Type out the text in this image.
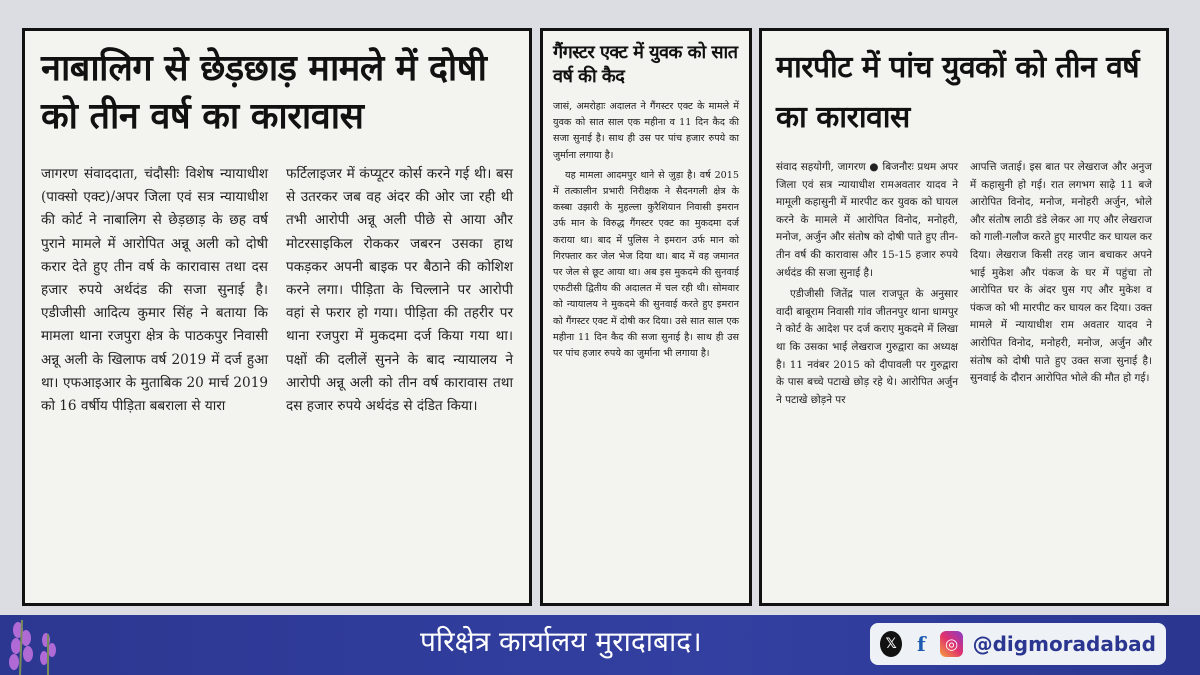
नाबालिग से छेड़छाड़ मामले में दोषी को तीन वर्ष का कारावास

जागरण संवाददाता, चंदौसीः विशेष न्यायाधीश (पाक्सो एक्ट)/अपर जिला एवं सत्र न्यायाधीश की कोर्ट ने नाबालिग से छेड़छाड़ के छह वर्ष पुराने मामले में आरोपित अन्नू अली को दोषी करार देते हुए तीन वर्ष के कारावास तथा दस हजार रुपये अर्थदंड की सजा सुनाई है। एडीजीसी आदित्य कुमार सिंह ने बताया कि मामला थाना रजपुरा क्षेत्र के पाठकपुर निवासी अन्नू अली के खिलाफ वर्ष 2019 में दर्ज हुआ था। एफआइआर के मुताबिक 20 मार्च 2019 को 16 वर्षीय पीड़िता बबराला से यारा

फर्टिलाइजर में कंप्यूटर कोर्स करने गई थी। बस से उतरकर जब वह अंदर की ओर जा रही थी तभी आरोपी अन्नू अली पीछे से आया और मोटरसाइकिल रोककर जबरन उसका हाथ पकड़कर अपनी बाइक पर बैठाने की कोशिश करने लगा। पीड़िता के चिल्लाने पर आरोपी वहां से फरार हो गया। पीड़िता की तहरीर पर थाना रजपुरा में मुकदमा दर्ज किया गया था। पक्षों की दलीलें सुनने के बाद न्यायालय ने आरोपी अन्नू अली को तीन वर्ष कारावास तथा दस हजार रुपये अर्थदंड से दंडित किया।

गैंगस्टर एक्ट में युवक को सात वर्ष की कैद

जासं, अमरोहाः अदालत ने गैंगस्टर एक्ट के मामले में युवक को सात साल एक महीना व 11 दिन कैद की सजा सुनाई है। साथ ही उस पर पांच हजार रुपये का जुर्माना लगाया है।

यह मामला आदमपुर थाने से जुड़ा है। वर्ष 2015 में तत्कालीन प्रभारी निरीक्षक ने सैदनगली क्षेत्र के कस्बा उझारी के मुहल्ला कुरैशियान निवासी इमरान उर्फ मान के विरुद्ध गैंगस्टर एक्ट का मुकदमा दर्ज कराया था। बाद में पुलिस ने इमरान उर्फ मान को गिरफ्तार कर जेल भेज दिया था। बाद में वह जमानत पर जेल से छूट आया था। अब इस मुकदमे की सुनवाई एफटीसी द्वितीय की अदालत में चल रही थी। सोमवार को न्यायालय ने मुकदमे की सुनवाई करते हुए इमरान को गैंगस्टर एक्ट में दोषी कर दिया। उसे सात साल एक महीना 11 दिन कैद की सजा सुनाई है। साथ ही उस पर पांच हजार रुपये का जुर्माना भी लगाया है।

मारपीट में पांच युवकों को तीन वर्ष का कारावास

संवाद सहयोगी, जागरण ● बिजनौरः प्रथम अपर जिला एवं सत्र न्यायाधीश रामअवतार यादव ने मामूली कहासुनी में मारपीट कर युवक को घायल करने के मामले में आरोपित विनोद, मनोहरी, मनोज, अर्जुन और संतोष को दोषी पाते हुए तीन-तीन वर्ष की कारावास और 15-15 हजार रुपये अर्थदंड की सजा सुनाई है।

एडीजीसी जितेंद्र पाल राजपूत के अनुसार वादी बाबूराम निवासी गांव जीतनपुर थाना धामपुर ने कोर्ट के आदेश पर दर्ज कराए मुकदमे में लिखा था कि उसका भाई लेखराज गुरुद्वारा का अध्यक्ष है। 11 नवंबर 2015 को दीपावली पर गुरुद्वारा के पास बच्चे पटाखे छोड़ रहे थे। आरोपित अर्जुन ने पटाखे छोड़ने पर

आपत्ति जताई। इस बात पर लेखराज और अनुज में कहासुनी हो गई। रात लगभग साढ़े 11 बजे आरोपित विनोद, मनोज, मनोहरी अर्जुन, भोले और संतोष लाठी डंडे लेकर आ गए और लेखराज को गाली-गलौज करते हुए मारपीट कर घायल कर दिया। लेखराज किसी तरह जान बचाकर अपने भाई मुकेश और पंकज के घर में पहुंचा तो आरोपित घर के अंदर घुस गए और मुकेश व पंकज को भी मारपीट कर घायल कर दिया। उक्त मामले में न्यायाधीश राम अवतार यादव ने आरोपित विनोद, मनोहरी, मनोज, अर्जुन और संतोष को दोषी पाते हुए उक्त सजा सुनाई है। सुनवाई के दौरान आरोपित भोले की मौत हो गई।

परिक्षेत्र कार्यालय मुरादाबाद।	𝕏	f	◎ @digmoradabad
